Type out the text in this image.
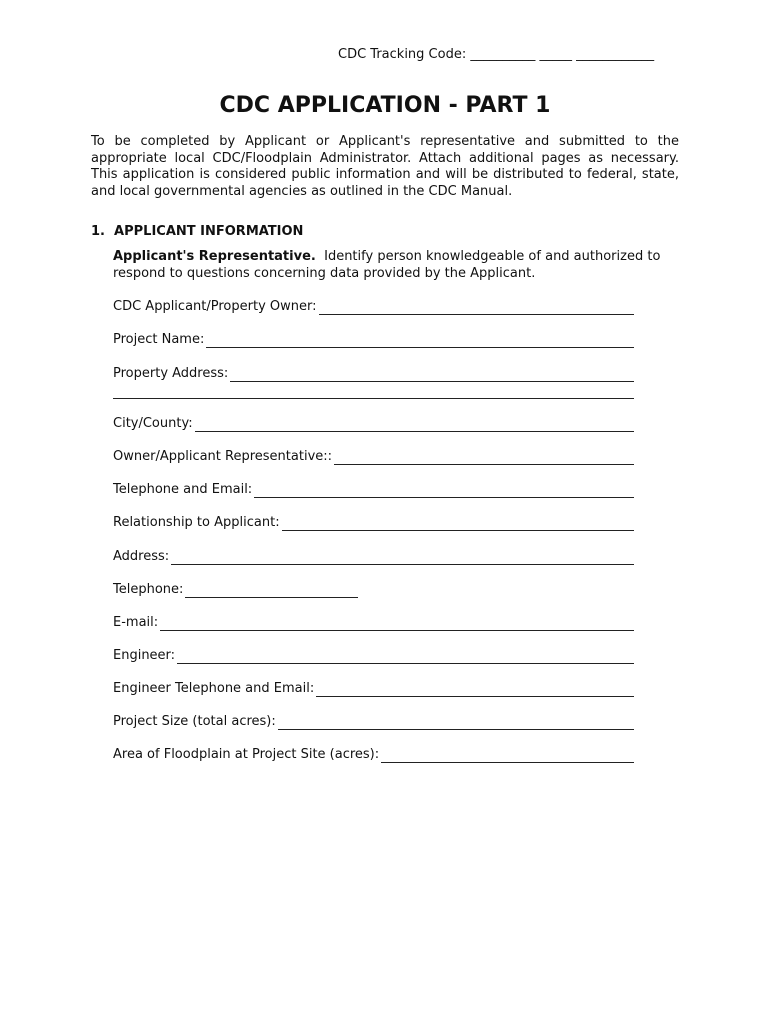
CDC Tracking Code: __________ _____ ____________
CDC APPLICATION - PART 1

To be completed by Applicant or Applicant's representative and submitted to the appropriate local CDC/Floodplain Administrator. Attach additional pages as necessary. This application is considered public information and will be distributed to federal, state, and local governmental agencies as outlined in the CDC Manual.

1. APPLICANT INFORMATION

Applicant's Representative. Identify person knowledgeable of and authorized to respond to questions concerning data provided by the Applicant.

CDC Applicant/Property Owner:
Project Name:
Property Address:
City/County:
Owner/Applicant Representative::
Telephone and Email:
Relationship to Applicant:
Address:
Telephone:
E-mail:
Engineer:
Engineer Telephone and Email:
Project Size (total acres):
Area of Floodplain at Project Site (acres):
